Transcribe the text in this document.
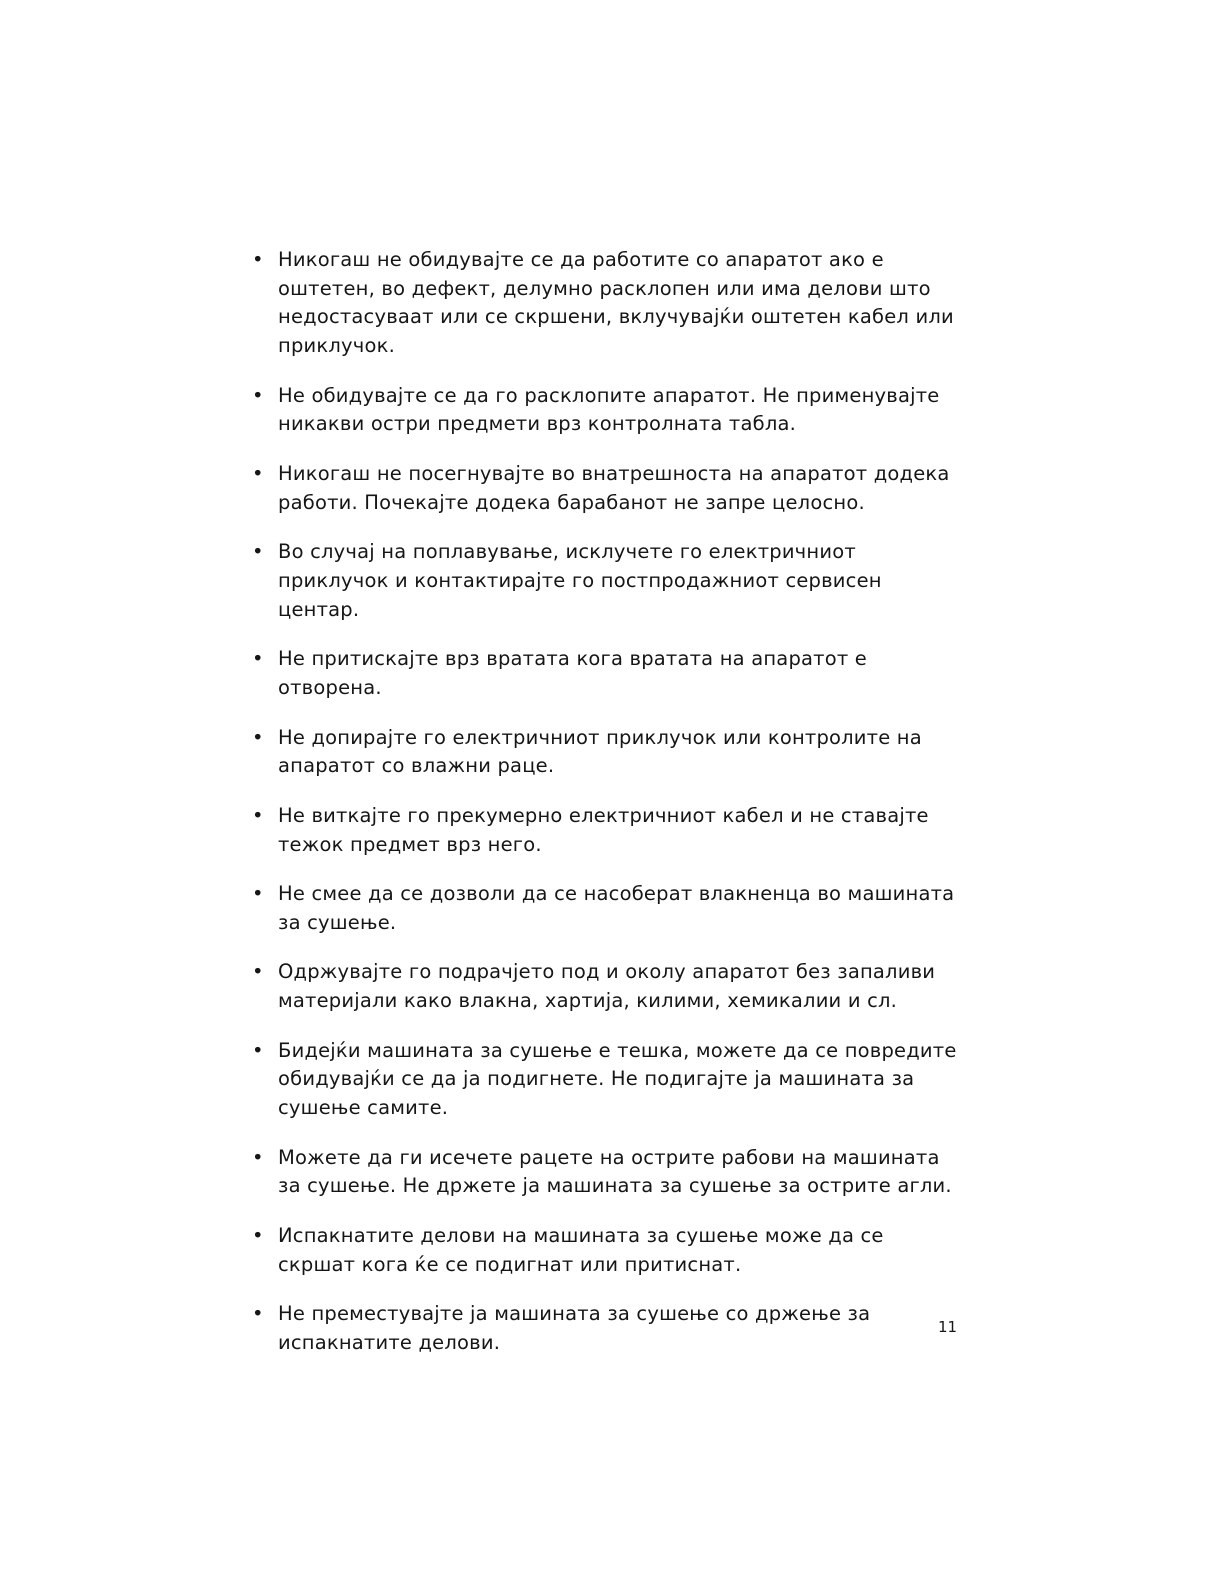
• Никогаш не обидувајте се да работите со апаратот ако е оштетен, во дефект, делумно расклопен или има делови што недостасуваат или се скршени, вклучувајќи оштетен кабел или приклучок.
• Не обидувајте се да го расклопите апаратот. Не применувајте никакви остри предмети врз контролната табла.
• Никогаш не посегнувајте во внатрешноста на апаратот додека работи. Почекајте додека барабанот не запре целосно.
• Во случај на поплавување, исклучете го електричниот приклучок и контактирајте го постпродажниот сервисен центар.
• Не притискајте врз вратата кога вратата на апаратот е отворена.
• Не допирајте го електричниот приклучок или контролите на апаратот со влажни раце.
• Не виткајте го прекумерно електричниот кабел и не ставајте тежок предмет врз него.
• Не смее да се дозволи да се насоберат влакненца во машината за сушење.
• Одржувајте го подрачјето под и околу апаратот без запаливи материјали како влакна, хартија, килими, хемикалии и сл.
• Бидејќи машината за сушење е тешка, можете да се повредите обидувајќи се да ја подигнете. Не подигајте ја машината за сушење самите.
• Можете да ги исечете рацете на острите рабови на машината за сушење. Не држете ја машината за сушење за острите агли.
• Испакнатите делови на машината за сушење може да се скршат кога ќе се подигнат или притиснат.
• Не преместувајте ја машината за сушење со држење за испакнатите делови.
11
